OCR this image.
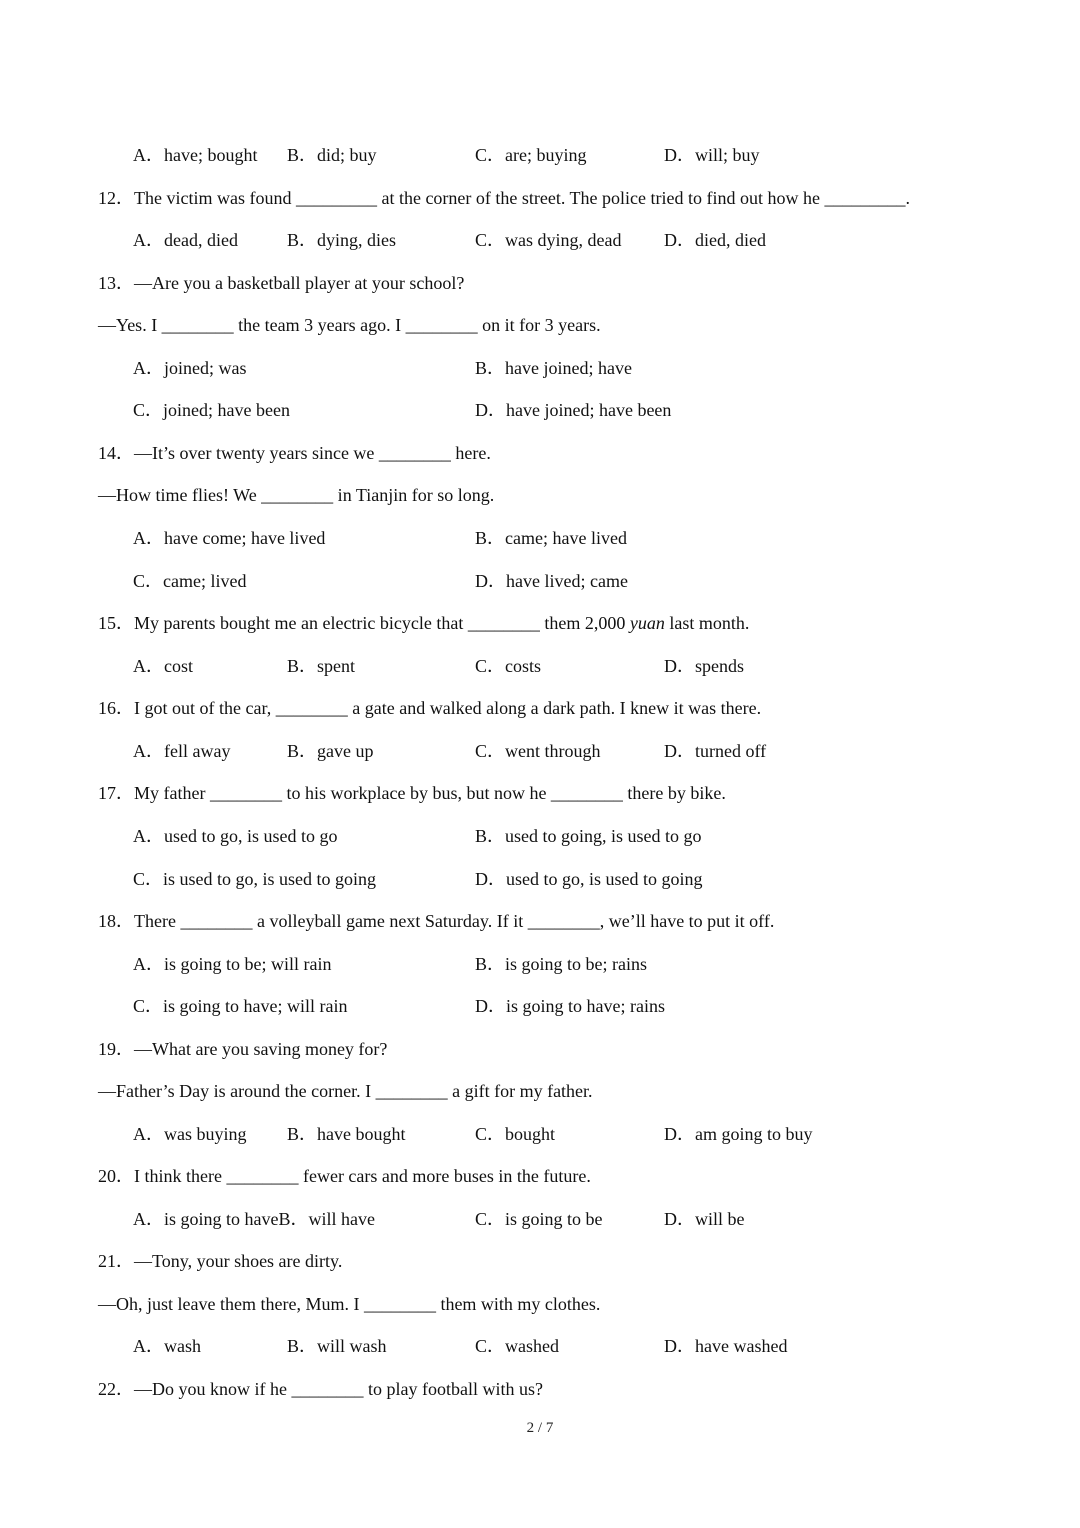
A．have; bought B．did; buy	C．are; buying	D．will; buy
12．The victim was found _________ at the corner of the street. The police tried to find out how he _________.
A．dead, died	B．dying, dies	C．was dying, dead D．died, died
13．—Are you a basketball player at your school?
—Yes. I ________ the team 3 years ago. I ________ on it for 3 years.
A．joined; was	B．have joined; have
C．joined; have been	D．have joined; have been
14．—It’s over twenty years since we ________ here.
—How time flies! We ________ in Tianjin for so long.
A．have come; have lived	B．came; have lived
C．came; lived	D．have lived; came
15．My parents bought me an electric bicycle that ________ them 2,000 yuan last month.
A．cost	B．spent	C．costs	D．spends
16．I got out of the car, ________ a gate and walked along a dark path. I knew it was there.
A．fell away	B．gave up	C．went through	D．turned off
17．My father ________ to his workplace by bus, but now he ________ there by bike.
A．used to go, is used to go	B．used to going, is used to go
C．is used to go, is used to going	D．used to go, is used to going
18．There ________ a volleyball game next Saturday. If it ________, we’ll have to put it off.
A．is going to be; will rain	B．is going to be; rains
C．is going to have; will rain	D．is going to have; rains
19．—What are you saving money for?
—Father’s Day is around the corner. I ________ a gift for my father.
A．was buying B．have bought	C．bought	D．am going to buy
20．I think there ________ fewer cars and more buses in the future.
A．is going to haveB．will have	C．is going to be	D．will be
21．—Tony, your shoes are dirty.
—Oh, just leave them there, Mum. I ________ them with my clothes.
A．wash	B．will wash	C．washed	D．have washed
22．—Do you know if he ________ to play football with us?
2 / 7
